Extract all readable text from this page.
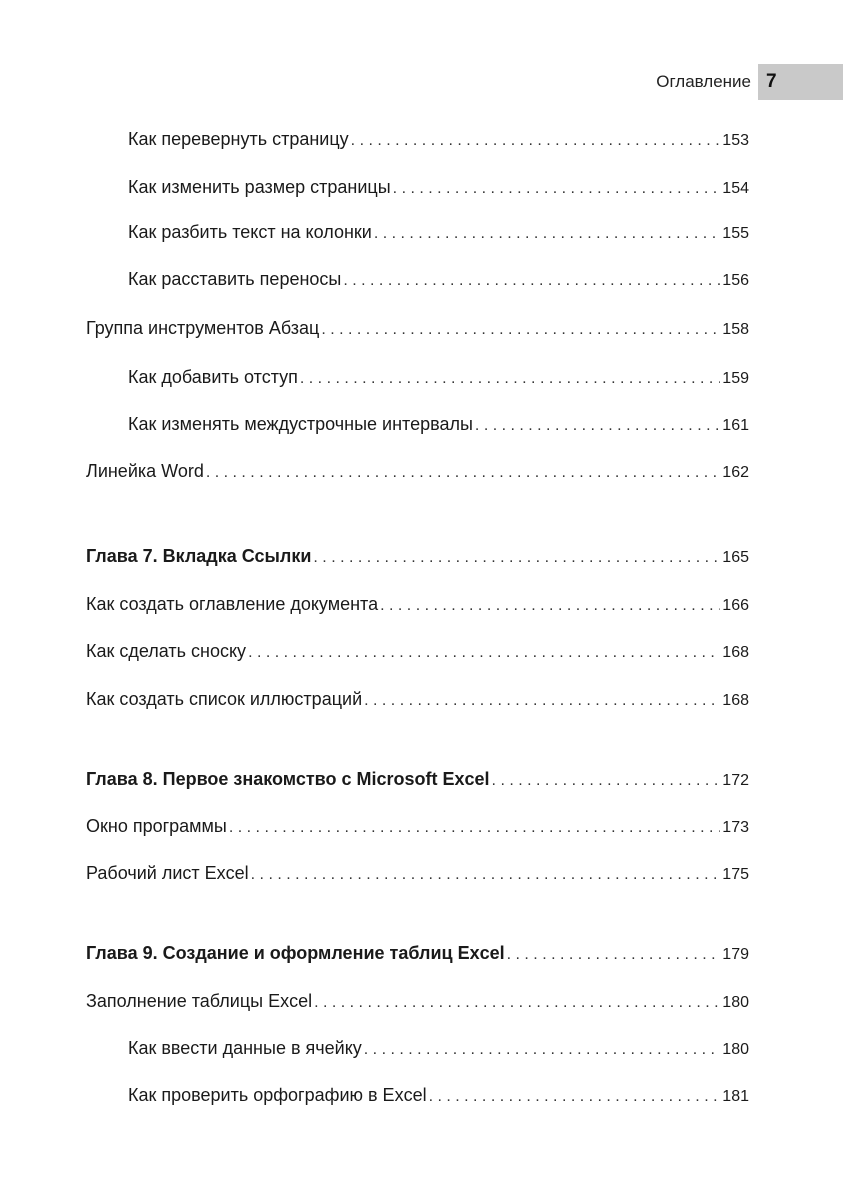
Оглавление 7
Как перевернуть страницу . . .	153
Как изменить размер страницы . . .	154
Как разбить текст на колонки . . .	155
Как расставить переносы . . .	156
Группа инструментов Абзац . . .	158
Как добавить отступ . . .	159
Как изменять междустрочные интервалы . . .	161
Линейка Word . . .	162
Глава 7. Вкладка Ссылки . . .	165
Как создать оглавление документа . . .	166
Как сделать сноску . . .	168
Как создать список иллюстраций . . .	168
Глава 8. Первое знакомство с Microsoft Excel . . .	172
Окно программы . . .	173
Рабочий лист Excel . . .	175
Глава 9. Создание и оформление таблиц Excel . . .	179
Заполнение таблицы Excel . . .	180
Как ввести данные в ячейку . . .	180
Как проверить орфографию в Excel . . .	181
